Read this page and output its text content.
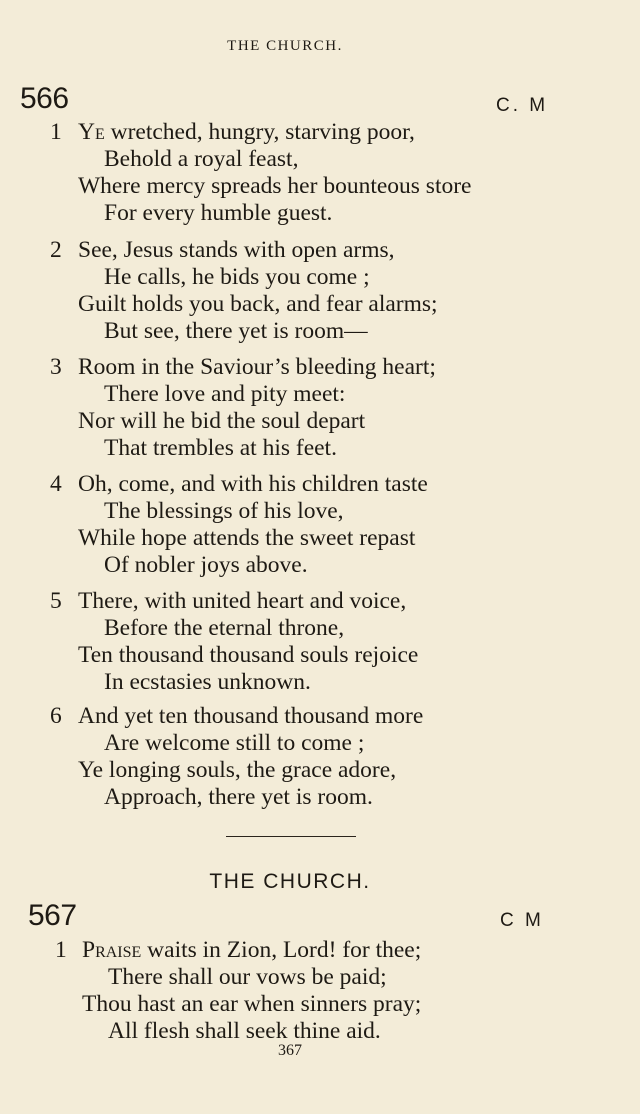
THE CHURCH.
566	C. M
1 Ye wretched, hungry, starving poor,
Behold a royal feast,
Where mercy spreads her bounteous store
For every humble guest.
2 See, Jesus stands with open arms,
He calls, he bids you come ;
Guilt holds you back, and fear alarms;
But see, there yet is room—
3 Room in the Saviour’s bleeding heart;
There love and pity meet:
Nor will he bid the soul depart
That trembles at his feet.
4 Oh, come, and with his children taste
The blessings of his love,
While hope attends the sweet repast
Of nobler joys above.
5 There, with united heart and voice,
Before the eternal throne,
Ten thousand thousand souls rejoice
In ecstasies unknown.
6 And yet ten thousand thousand more
Are welcome still to come ;
Ye longing souls, the grace adore,
Approach, there yet is room.
THE CHURCH.
567	C M
1 Praise waits in Zion, Lord! for thee;
There shall our vows be paid;
Thou hast an ear when sinners pray;
All flesh shall seek thine aid.
367
